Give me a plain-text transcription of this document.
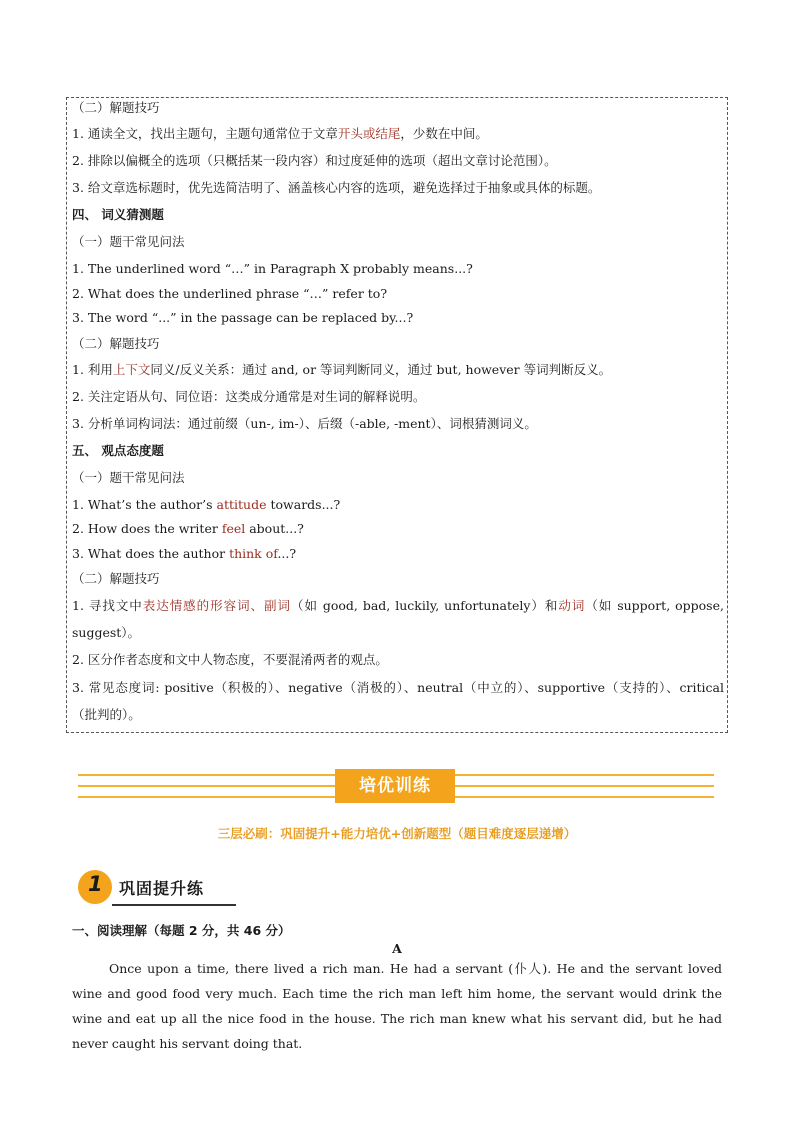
（二）解题技巧
1. 通读全文，找出主题句，主题句通常位于文章开头或结尾，少数在中间。
2. 排除以偏概全的选项（只概括某一段内容）和过度延伸的选项（超出文章讨论范围）。
3. 给文章选标题时，优先选简洁明了、涵盖核心内容的选项，避免选择过于抽象或具体的标题。
四、 词义猜测题
（一）题干常见问法
1. The underlined word “…” in Paragraph X probably means...?
2. What does the underlined phrase “…” refer to?
3. The word “...” in the passage can be replaced by...?
（二）解题技巧
1. 利用上下文同义/反义关系：通过 and, or 等词判断同义，通过 but, however 等词判断反义。
2. 关注定语从句、同位语：这类成分通常是对生词的解释说明。
3. 分析单词构词法：通过前缀（un-, im-）、后缀（-able, -ment）、词根猜测词义。
五、 观点态度题
（一）题干常见问法
1. What’s the author’s attitude towards...?
2. How does the writer feel about...?
3. What does the author think of...?
（二）解题技巧
1. 寻找文中表达情感的形容词、副词（如 good, bad, luckily, unfortunately）和动词（如 support, oppose,
suggest）。
2. 区分作者态度和文中人物态度，不要混淆两者的观点。
3. 常见态度词: positive（积极的）、negative（消极的）、neutral（中立的）、supportive（支持的）、critical
（批判的）。
培优训练
三层必刷：巩固提升+能力培优+创新题型（题目难度逐层递增）
1 巩固提升练
一、阅读理解（每题 2 分，共 46 分）
A
Once upon a time, there lived a rich man. He had a servant (仆人). He and the servant loved wine and good food very much. Each time the rich man left him home, the servant would drink the wine and eat up all the nice food in the house. The rich man knew what his servant did, but he had never caught his servant doing that.
